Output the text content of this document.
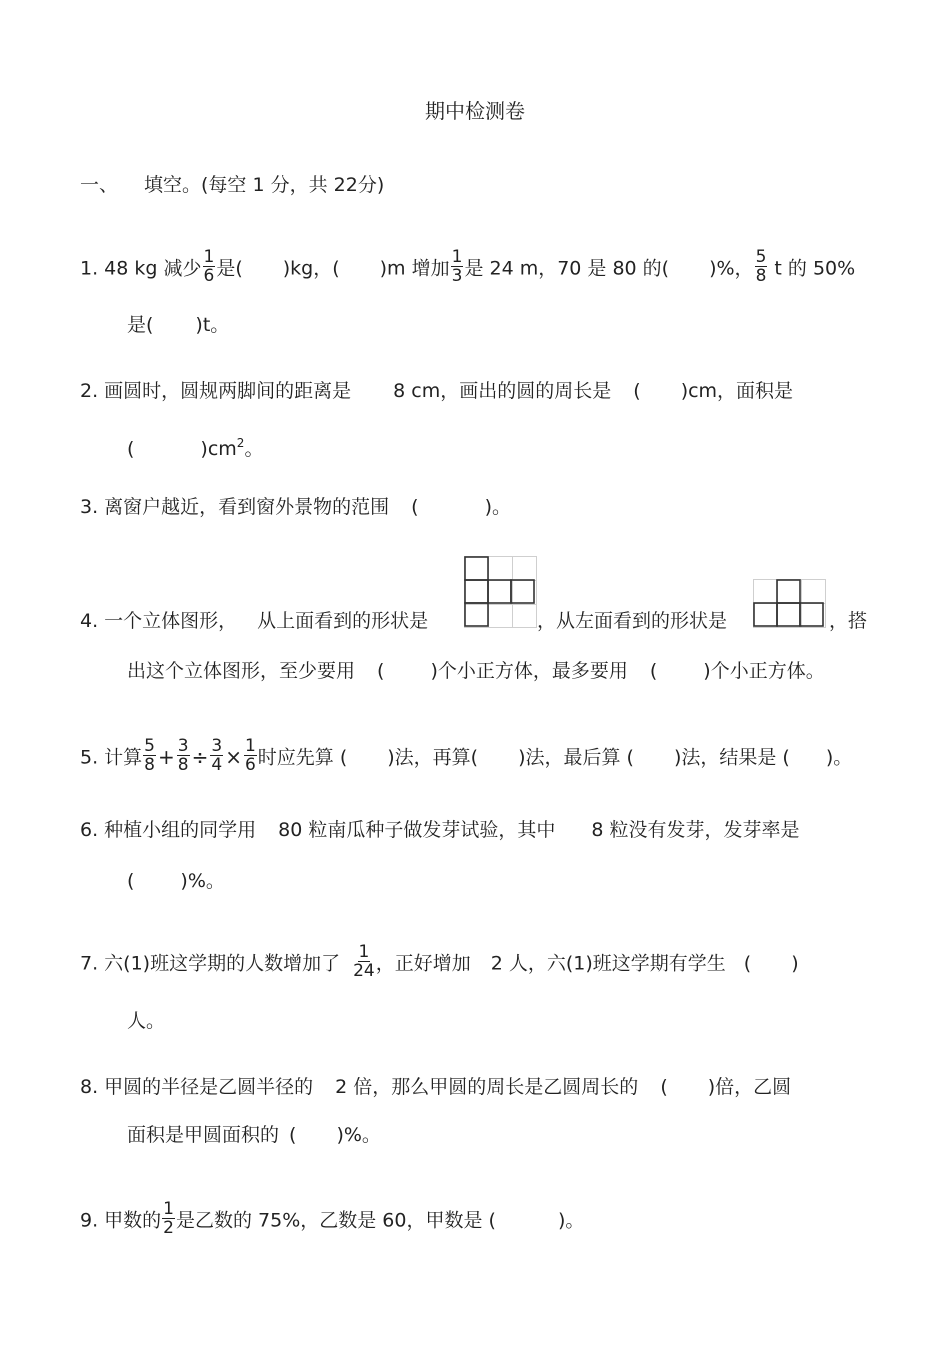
期中检测卷
一、 填空。(每空 1 分，共 22分)
1. 48 kg 减少 $\frac{1}{6}$ 是( )kg，( )m 增加 $\frac{1}{3}$ 是 24 m，70 是 80 的( )%， $\frac{5}{8}$ t 的 50%
是( )t。
2. 画圆时，圆规两脚间的距离是 8 cm，画出的圆的周长是 ( )cm，面积是
(	)$cm^2$。
3. 离窗户越近，看到窗外景物的范围 (	)。
4. 一个立体图形， 从上面看到的形状是	，从左面看到的形状是	，搭
出这个立体图形，至少要用 ( )个小正方体，最多要用 ( )个小正方体。
5. 计算 $\frac{5}{8} + \frac{3}{8} \div \frac{3}{4} \times \frac{1}{6}$ 时应先算 ( )法，再算( )法，最后算 ( )法，结果是 ( )。
6. 种植小组的同学用 80 粒南瓜种子做发芽试验，其中 8 粒没有发芽，发芽率是
( )%。
7. 六(1)班这学期的人数增加了 $\frac{1}{24}$ ，正好增加 2 人，六(1)班这学期有学生 ( )
人。
8. 甲圆的半径是乙圆半径的 2 倍，那么甲圆的周长是乙圆周长的 ( )倍，乙圆
面积是甲圆面积的 ( )%。
9. 甲数的 $\frac{1}{2}$ 是乙数的 75%，乙数是 60，甲数是 (	)。
